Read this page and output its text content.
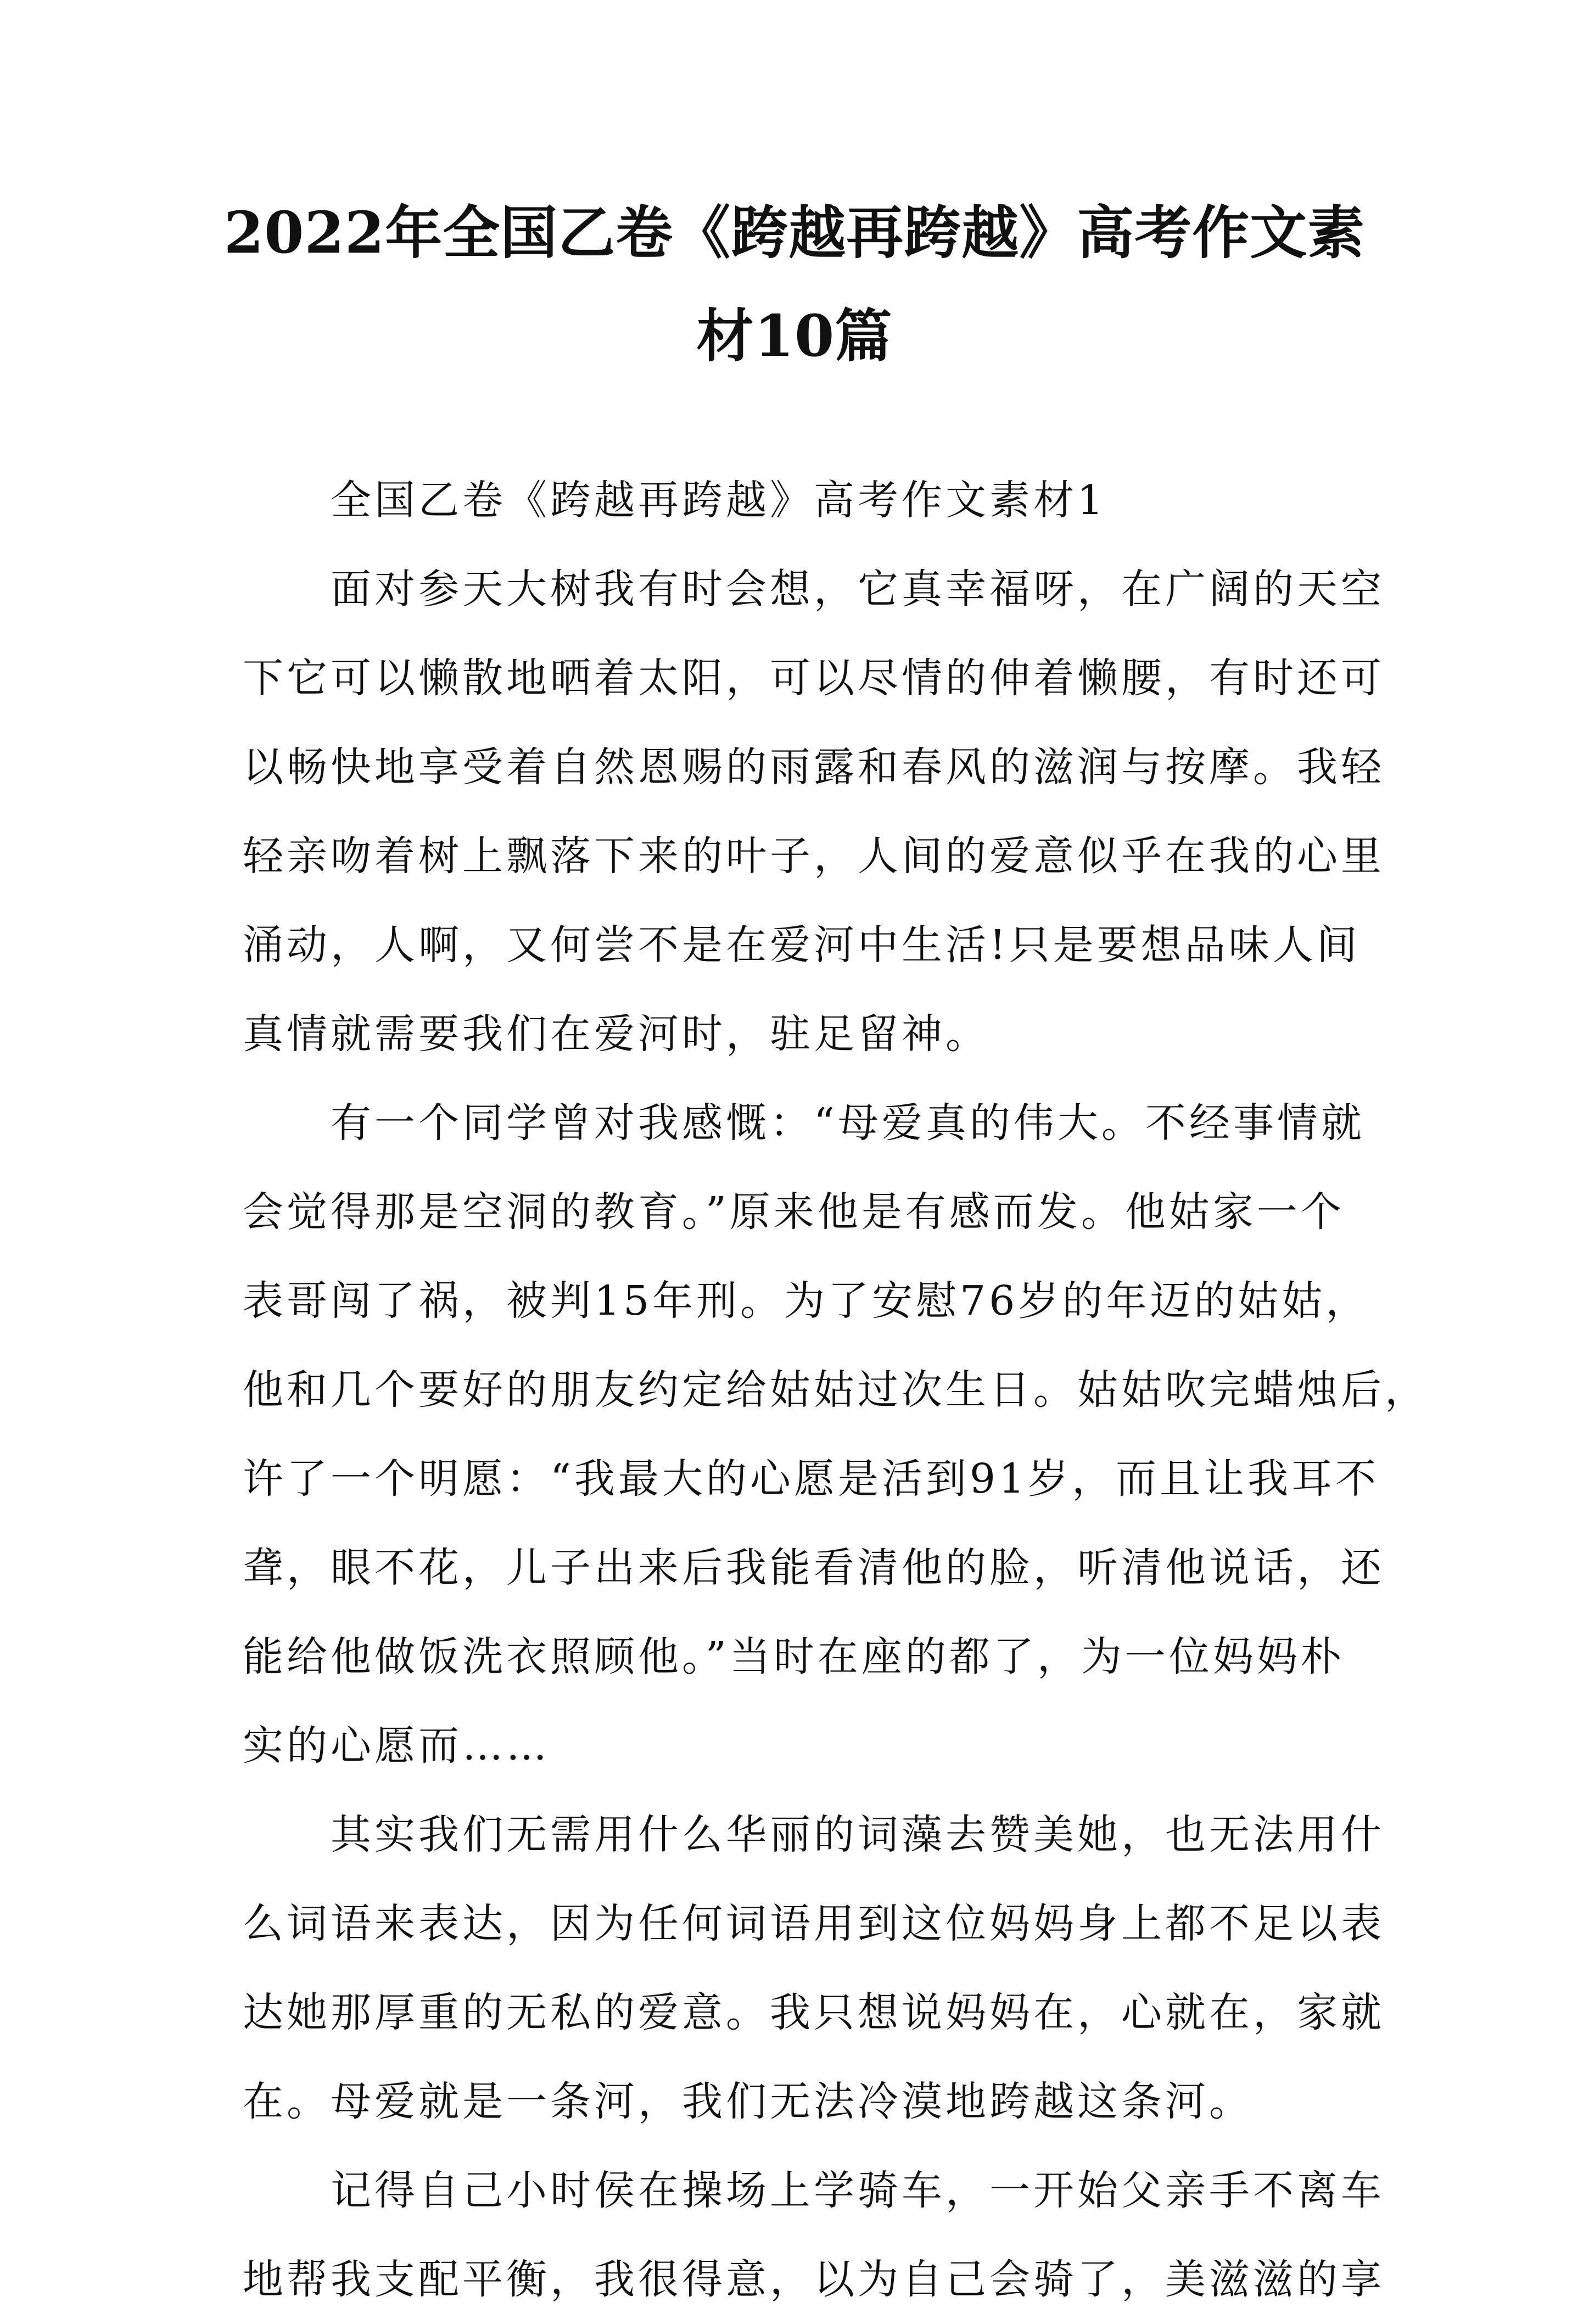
2022年全国乙卷《跨越再跨越》高考作文素
材10篇

全国乙卷《跨越再跨越》高考作文素材1

面对参天大树我有时会想，它真幸福呀，在广阔的天空
下它可以懒散地晒着太阳，可以尽情的伸着懒腰，有时还可
以畅快地享受着自然恩赐的雨露和春风的滋润与按摩。我轻
轻亲吻着树上飘落下来的叶子，人间的爱意似乎在我的心里
涌动，人啊，又何尝不是在爱河中生活!只是要想品味人间
真情就需要我们在爱河时，驻足留神。

有一个同学曾对我感慨：“母爱真的伟大。不经事情就
会觉得那是空洞的教育。”原来他是有感而发。他姑家一个
表哥闯了祸，被判15年刑。为了安慰76岁的年迈的姑姑，
他和几个要好的朋友约定给姑姑过次生日。姑姑吹完蜡烛后，
许了一个明愿：“我最大的心愿是活到91岁，而且让我耳不
聋，眼不花，儿子出来后我能看清他的脸，听清他说话，还
能给他做饭洗衣照顾他。”当时在座的都了，为一位妈妈朴
实的心愿而……

其实我们无需用什么华丽的词藻去赞美她，也无法用什
么词语来表达，因为任何词语用到这位妈妈身上都不足以表
达她那厚重的无私的爱意。我只想说妈妈在，心就在，家就
在。母爱就是一条河，我们无法冷漠地跨越这条河。

记得自己小时侯在操场上学骑车，一开始父亲手不离车
地帮我支配平衡，我很得意，以为自己会骑了，美滋滋的享
